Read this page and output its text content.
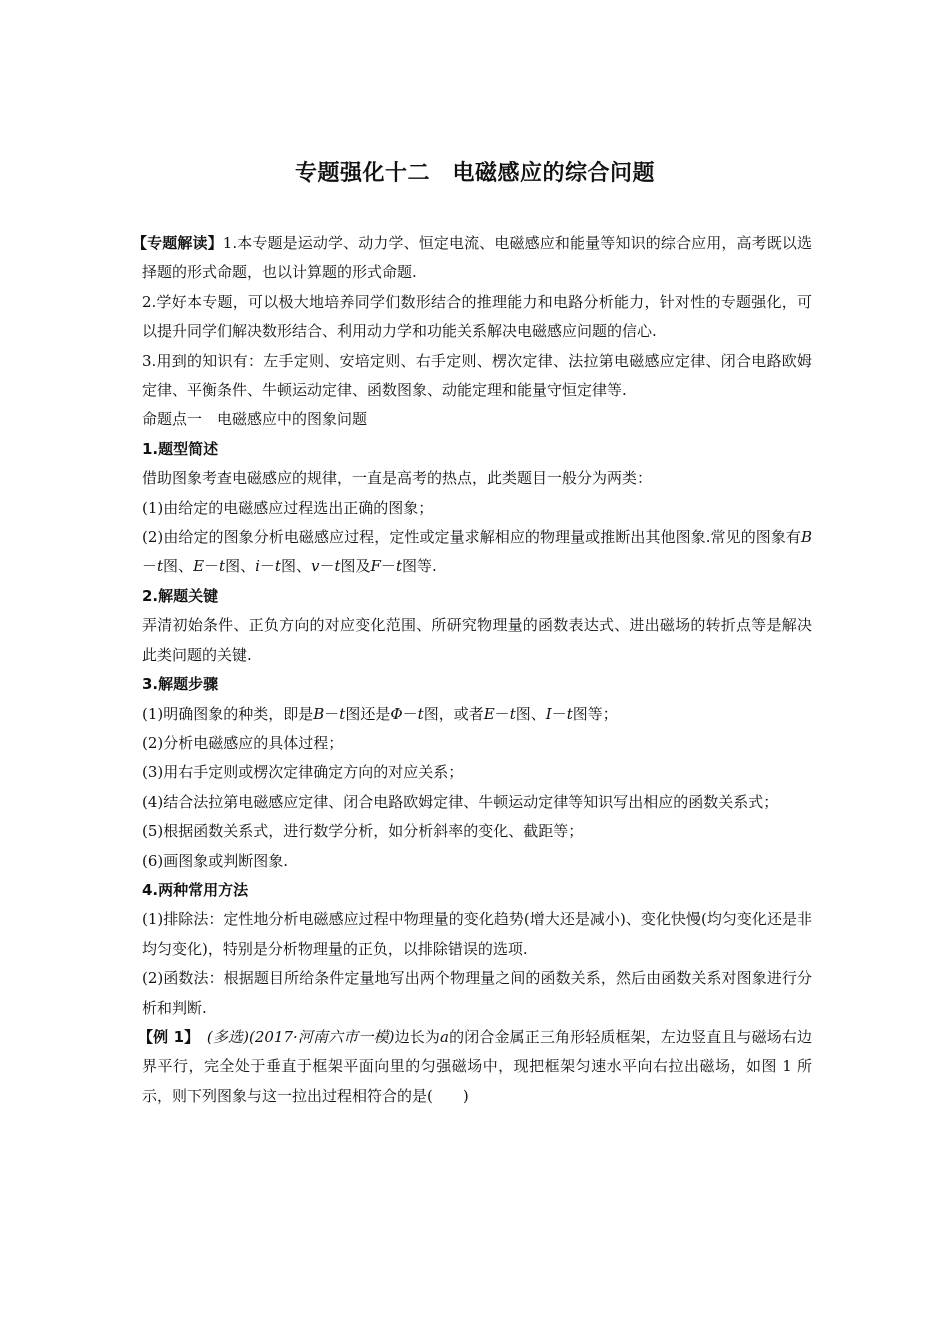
专题强化十二　电磁感应的综合问题

【专题解读】1.本专题是运动学、动力学、恒定电流、电磁感应和能量等知识的综合应用，高考既以选择题的形式命题，也以计算题的形式命题.

2.学好本专题，可以极大地培养同学们数形结合的推理能力和电路分析能力，针对性的专题强化，可以提升同学们解决数形结合、利用动力学和功能关系解决电磁感应问题的信心.

3.用到的知识有：左手定则、安培定则、右手定则、楞次定律、法拉第电磁感应定律、闭合电路欧姆定律、平衡条件、牛顿运动定律、函数图象、动能定理和能量守恒定律等.

命题点一　电磁感应中的图象问题

1.题型简述

借助图象考查电磁感应的规律，一直是高考的热点，此类题目一般分为两类：

(1)由给定的电磁感应过程选出正确的图象；

(2)由给定的图象分析电磁感应过程，定性或定量求解相应的物理量或推断出其他图象.常见的图象有B－t图、E－t图、i－t图、v－t图及F－t图等.

2.解题关键

弄清初始条件、正负方向的对应变化范围、所研究物理量的函数表达式、进出磁场的转折点等是解决此类问题的关键.

3.解题步骤

(1)明确图象的种类，即是B－t图还是Φ－t图，或者E－t图、I－t图等；

(2)分析电磁感应的具体过程；

(3)用右手定则或楞次定律确定方向的对应关系；

(4)结合法拉第电磁感应定律、闭合电路欧姆定律、牛顿运动定律等知识写出相应的函数关系式；

(5)根据函数关系式，进行数学分析，如分析斜率的变化、截距等；

(6)画图象或判断图象.

4.两种常用方法

(1)排除法：定性地分析电磁感应过程中物理量的变化趋势(增大还是减小)、变化快慢(均匀变化还是非均匀变化)，特别是分析物理量的正负，以排除错误的选项.

(2)函数法：根据题目所给条件定量地写出两个物理量之间的函数关系，然后由函数关系对图象进行分析和判断.

【例 1】　 (多选)(2017·河南六市一模)边长为a的闭合金属正三角形轻质框架，左边竖直且与磁场右边界平行，完全处于垂直于框架平面向里的匀强磁场中，现把框架匀速水平向右拉出磁场，如图 1 所示，则下列图象与这一拉出过程相符合的是(　　)
